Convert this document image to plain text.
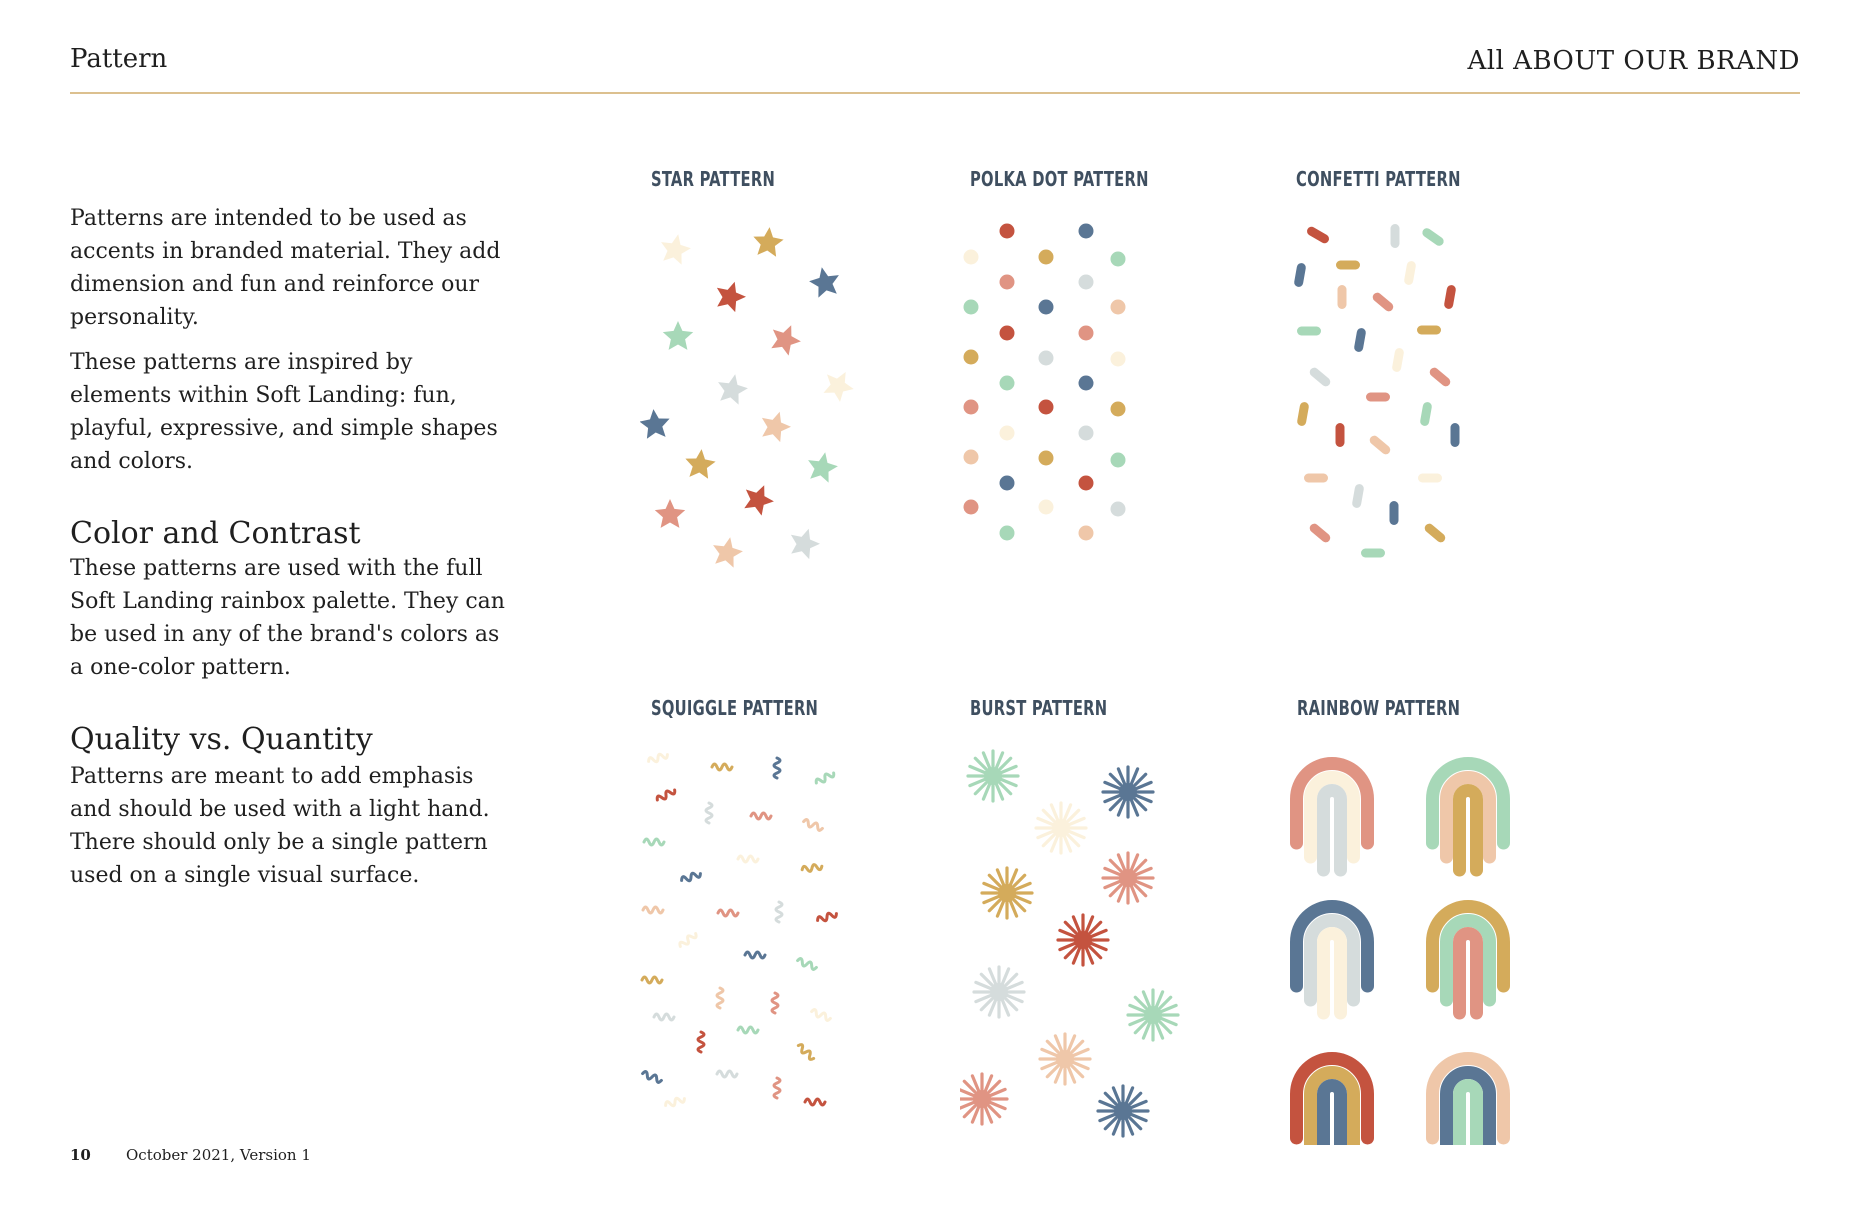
Pattern	All ABOUT OUR BRAND

Patterns are intended to be used as accents in branded material. They add dimension and fun and reinforce our personality.

These patterns are inspired by elements within Soft Landing: fun, playful, expressive, and simple shapes and colors.

Color and Contrast

These patterns are used with the full Soft Landing rainbox palette. They can be used in any of the brand's colors as a one-color pattern.

Quality vs. Quantity

Patterns are meant to add emphasis and should be used with a light hand. There should only be a single pattern used on a single visual surface.

10 October 2021, Version 1
STAR PATTERN	POLKA DOT PATTERN	CONFETTI PATTERN
SQUIGGLE PATTERN	BURST PATTERN	RAINBOW PATTERN
